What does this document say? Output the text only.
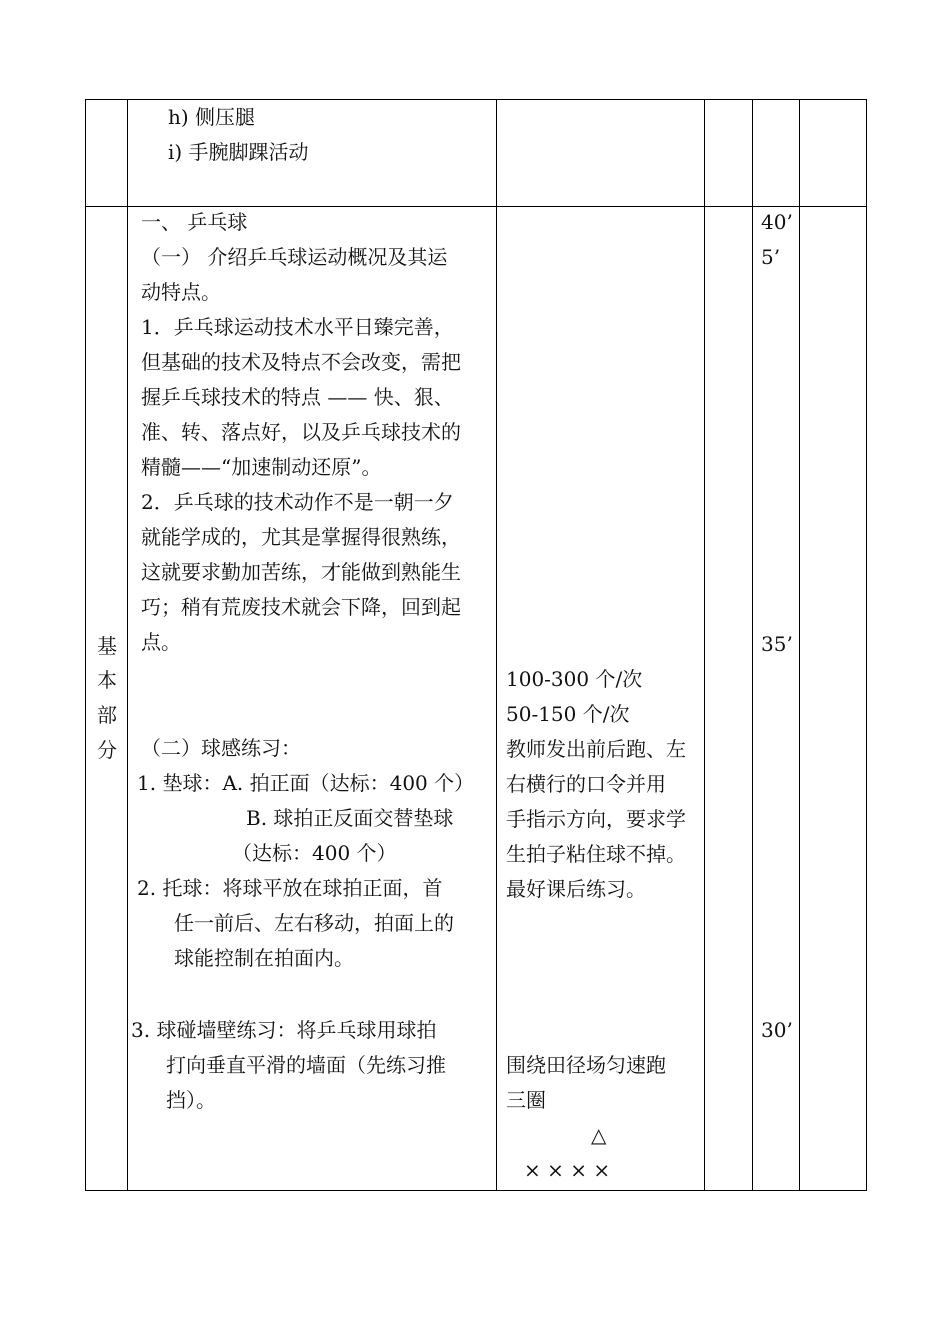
h) 侧压腿
i) 手腕脚踝活动
基
本
部
分
一、 乒乓球
（一） 介绍乒乓球运动概况及其运
动特点。
1．乒乓球运动技术水平日臻完善，
但基础的技术及特点不会改变，需把
握乒乓球技术的特点 —— 快、狠、
准、转、落点好，以及乒乓球技术的
精髓——“加速制动还原”。
2．乒乓球的技术动作不是一朝一夕
就能学成的，尤其是掌握得很熟练，
这就要求勤加苦练，才能做到熟能生
巧；稍有荒废技术就会下降，回到起
点。
（二）球感练习：
1. 垫球：A. 拍正面（达标：400 个）
B. 球拍正反面交替垫球
（达标：400 个）
2. 托球：将球平放在球拍正面，首
任一前后、左右移动，拍面上的
球能控制在拍面内。
3. 球碰墙壁练习：将乒乓球用球拍
打向垂直平滑的墙面（先练习推
挡）。
100-300 个/次
50-150 个/次
教师发出前后跑、左
右横行的口令并用
手指示方向，要求学
生拍子粘住球不掉。
最好课后练习。
围绕田径场匀速跑
三圈
△
× × × ×
40’
5’
35’
30’
